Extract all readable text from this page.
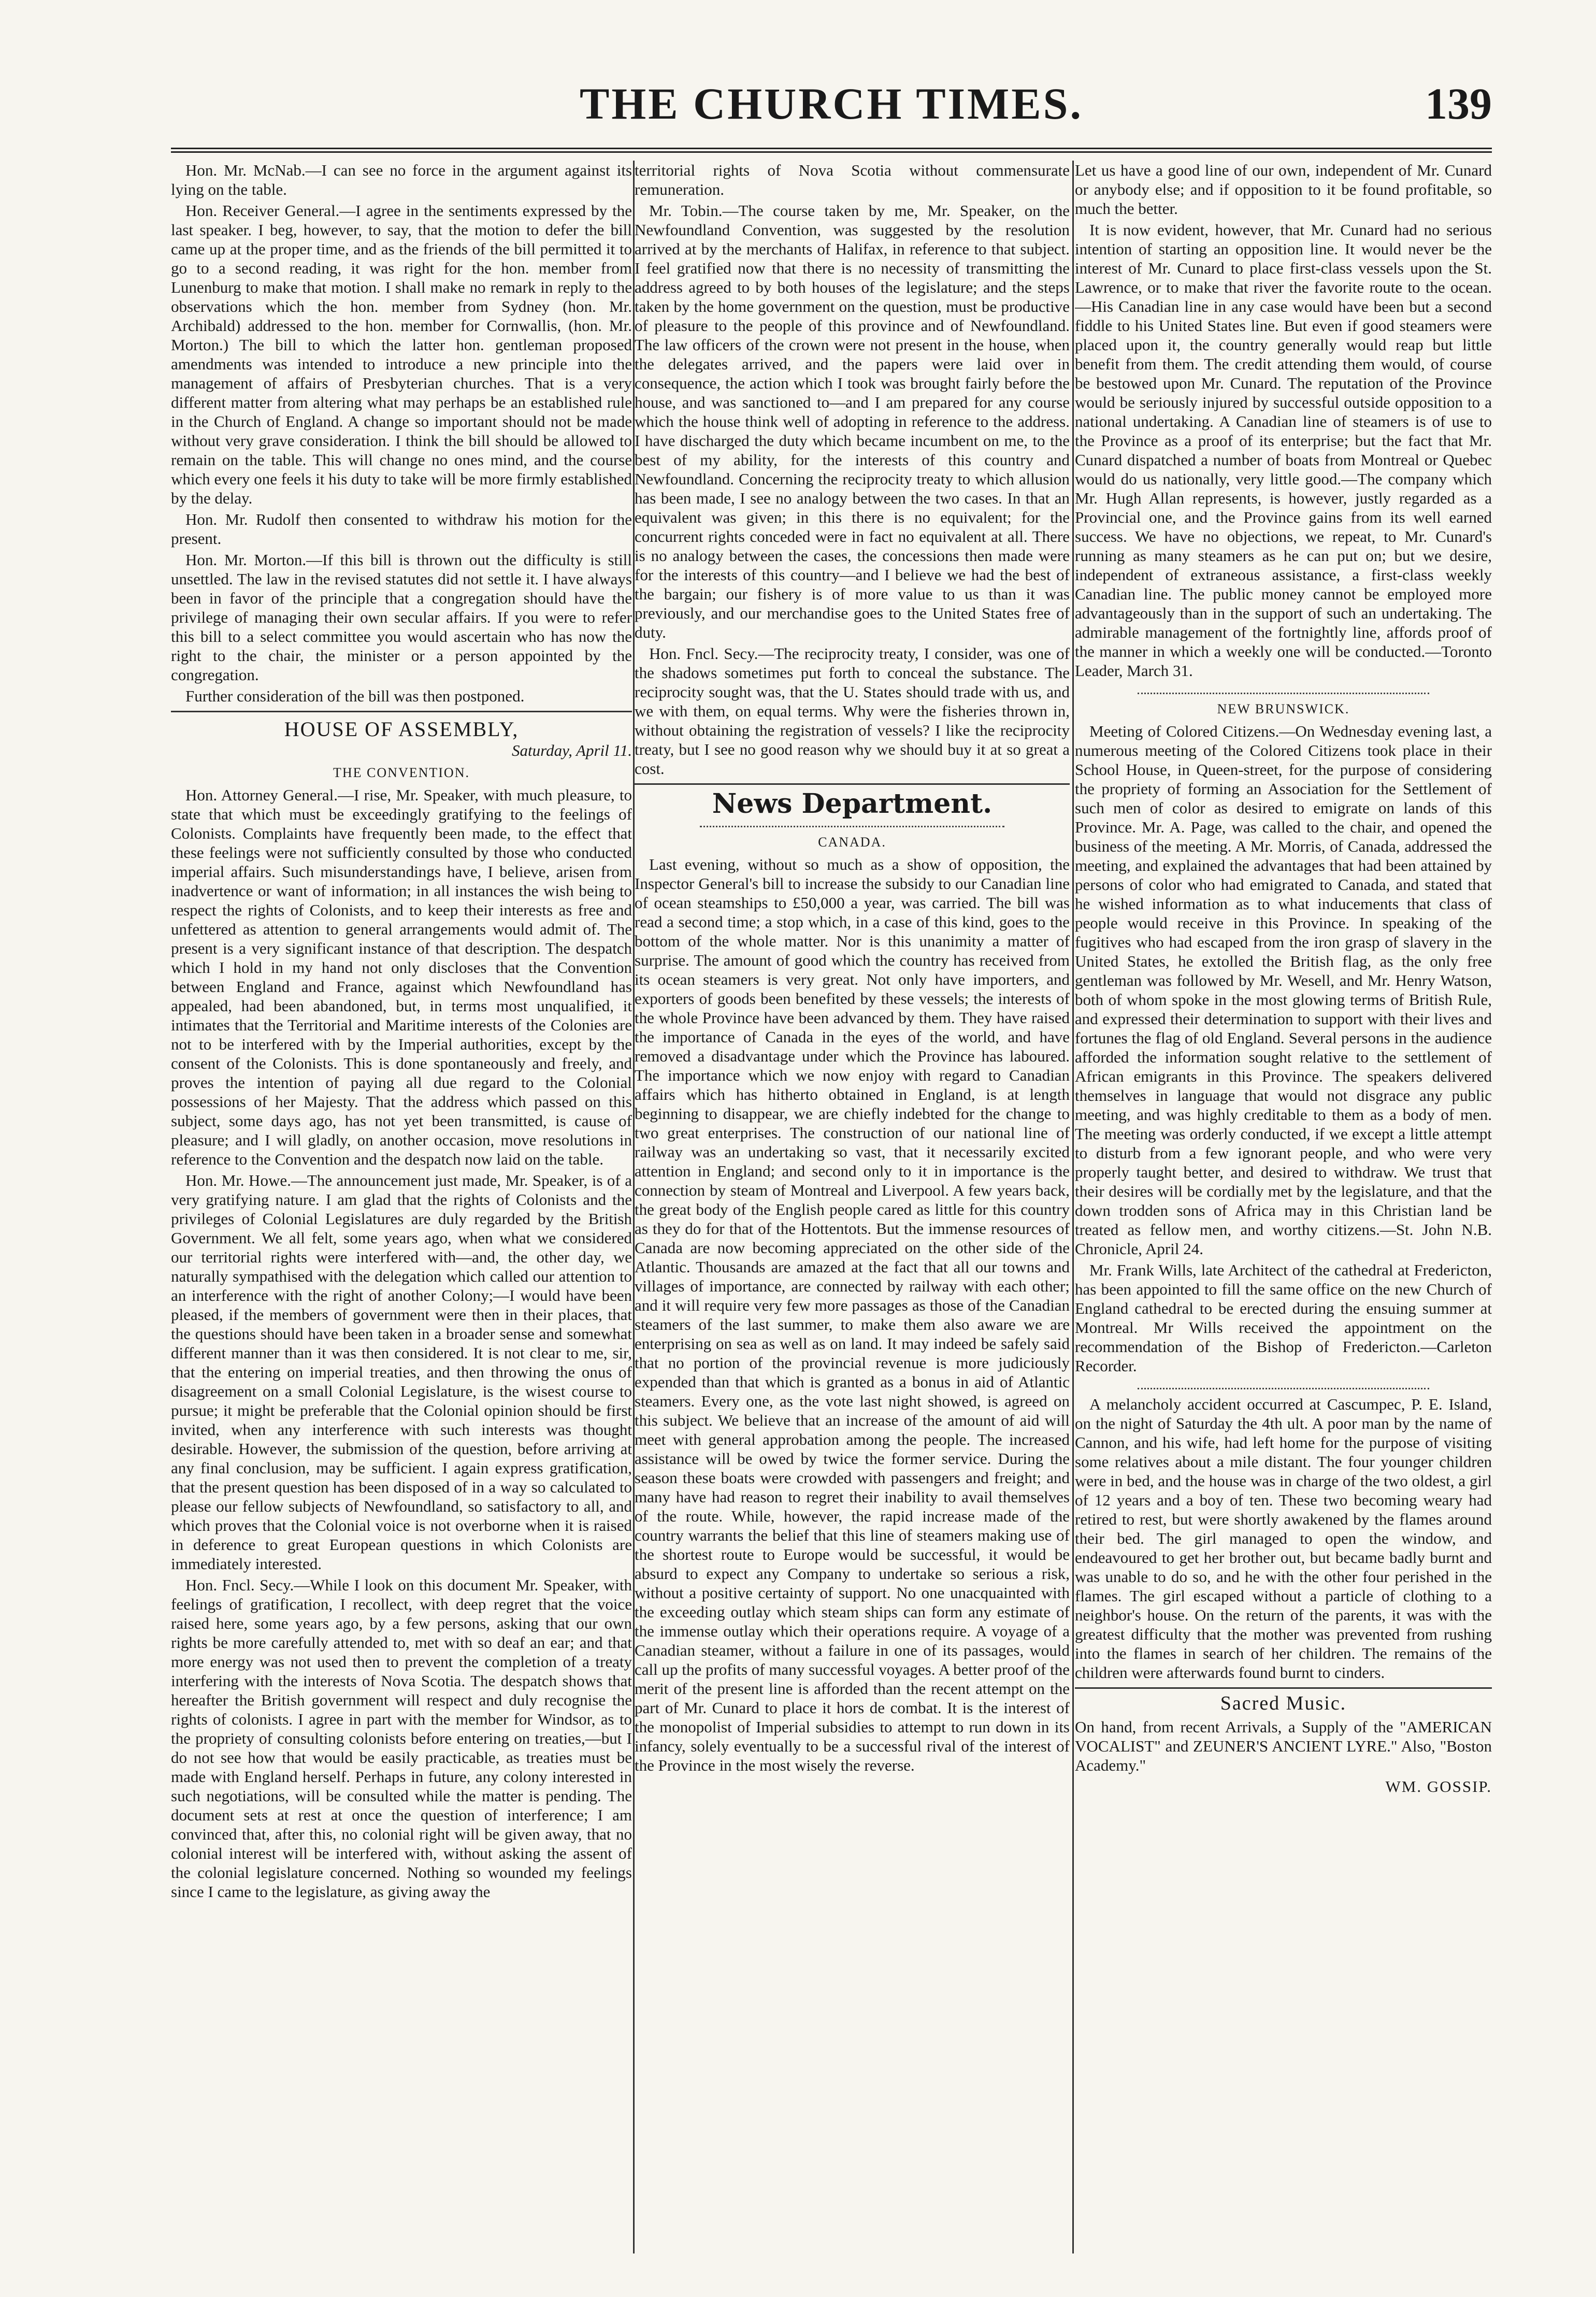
THE CHURCH TIMES.	139

Hon. Mr. McNab.—I can see no force in the argument against its lying on the table.

Hon. Receiver General.—I agree in the sentiments expressed by the last speaker. I beg, however, to say, that the motion to defer the bill came up at the proper time, and as the friends of the bill permitted it to go to a second reading, it was right for the hon. member from Lunenburg to make that motion. I shall make no remark in reply to the observations which the hon. member from Sydney (hon. Mr. Archibald) addressed to the hon. member for Cornwallis, (hon. Mr. Morton.) The bill to which the latter hon. gentleman proposed amendments was intended to introduce a new principle into the management of affairs of Presbyterian churches. That is a very different matter from altering what may perhaps be an established rule in the Church of England. A change so important should not be made without very grave consideration. I think the bill should be allowed to remain on the table. This will change no ones mind, and the course which every one feels it his duty to take will be more firmly established by the delay.

Hon. Mr. Rudolf then consented to withdraw his motion for the present.

Hon. Mr. Morton.—If this bill is thrown out the difficulty is still unsettled. The law in the revised statutes did not settle it. I have always been in favor of the principle that a congregation should have the privilege of managing their own secular affairs. If you were to refer this bill to a select committee you would ascertain who has now the right to the chair, the minister or a person appointed by the congregation.

Further consideration of the bill was then postponed.

HOUSE OF ASSEMBLY,
Saturday, April 11.
THE CONVENTION.

Hon. Attorney General.—I rise, Mr. Speaker, with much pleasure, to state that which must be exceedingly gratifying to the feelings of Colonists. Complaints have frequently been made, to the effect that these feelings were not sufficiently consulted by those who conducted imperial affairs. Such misunderstandings have, I believe, arisen from inadvertence or want of information; in all instances the wish being to respect the rights of Colonists, and to keep their interests as free and unfettered as attention to general arrangements would admit of. The present is a very significant instance of that description. The despatch which I hold in my hand not only discloses that the Convention between England and France, against which Newfoundland has appealed, had been abandoned, but, in terms most unqualified, it intimates that the Territorial and Maritime interests of the Colonies are not to be interfered with by the Imperial authorities, except by the consent of the Colonists. This is done spontaneously and freely, and proves the intention of paying all due regard to the Colonial possessions of her Majesty. That the address which passed on this subject, some days ago, has not yet been transmitted, is cause of pleasure; and I will gladly, on another occasion, move resolutions in reference to the Convention and the despatch now laid on the table.

Hon. Mr. Howe.—The announcement just made, Mr. Speaker, is of a very gratifying nature. I am glad that the rights of Colonists and the privileges of Colonial Legislatures are duly regarded by the British Government. We all felt, some years ago, when what we considered our territorial rights were interfered with—and, the other day, we naturally sympathised with the delegation which called our attention to an interference with the right of another Colony;—I would have been pleased, if the members of government were then in their places, that the questions should have been taken in a broader sense and somewhat different manner than it was then considered. It is not clear to me, sir, that the entering on imperial treaties, and then throwing the onus of disagreement on a small Colonial Legislature, is the wisest course to pursue; it might be preferable that the Colonial opinion should be first invited, when any interference with such interests was thought desirable. However, the submission of the question, before arriving at any final conclusion, may be sufficient. I again express gratification, that the present question has been disposed of in a way so calculated to please our fellow subjects of Newfoundland, so satisfactory to all, and which proves that the Colonial voice is not overborne when it is raised in deference to great European questions in which Colonists are immediately interested.

Hon. Fncl. Secy.—While I look on this document Mr. Speaker, with feelings of gratification, I recollect, with deep regret that the voice raised here, some years ago, by a few persons, asking that our own rights be more carefully attended to, met with so deaf an ear; and that more energy was not used then to prevent the completion of a treaty interfering with the interests of Nova Scotia. The despatch shows that hereafter the British government will respect and duly recognise the rights of colonists. I agree in part with the member for Windsor, as to the propriety of consulting colonists before entering on treaties,—but I do not see how that would be easily practicable, as treaties must be made with England herself. Perhaps in future, any colony interested in such negotiations, will be consulted while the matter is pending. The document sets at rest at once the question of interference; I am convinced that, after this, no colonial right will be given away, that no colonial interest will be interfered with, without asking the assent of the colonial legislature concerned. Nothing so wounded my feelings since I came to the legislature, as giving away the

territorial rights of Nova Scotia without commensurate remuneration.

Mr. Tobin.—The course taken by me, Mr. Speaker, on the Newfoundland Convention, was suggested by the resolution arrived at by the merchants of Halifax, in reference to that subject. I feel gratified now that there is no necessity of transmitting the address agreed to by both houses of the legislature; and the steps taken by the home government on the question, must be productive of pleasure to the people of this province and of Newfoundland. The law officers of the crown were not present in the house, when the delegates arrived, and the papers were laid over in consequence, the action which I took was brought fairly before the house, and was sanctioned to—and I am prepared for any course which the house think well of adopting in reference to the address. I have discharged the duty which became incumbent on me, to the best of my ability, for the interests of this country and Newfoundland. Concerning the reciprocity treaty to which allusion has been made, I see no analogy between the two cases. In that an equivalent was given; in this there is no equivalent; for the concurrent rights conceded were in fact no equivalent at all. There is no analogy between the cases, the concessions then made were for the interests of this country—and I believe we had the best of the bargain; our fishery is of more value to us than it was previously, and our merchandise goes to the United States free of duty.

Hon. Fncl. Secy.—The reciprocity treaty, I consider, was one of the shadows sometimes put forth to conceal the substance. The reciprocity sought was, that the U. States should trade with us, and we with them, on equal terms. Why were the fisheries thrown in, without obtaining the registration of vessels? I like the reciprocity treaty, but I see no good reason why we should buy it at so great a cost.

News Department.
CANADA.

Last evening, without so much as a show of opposition, the Inspector General's bill to increase the subsidy to our Canadian line of ocean steamships to £50,000 a year, was carried. The bill was read a second time; a stop which, in a case of this kind, goes to the bottom of the whole matter. Nor is this unanimity a matter of surprise. The amount of good which the country has received from its ocean steamers is very great. Not only have importers, and exporters of goods been benefited by these vessels; the interests of the whole Province have been advanced by them. They have raised the importance of Canada in the eyes of the world, and have removed a disadvantage under which the Province has laboured. The importance which we now enjoy with regard to Canadian affairs which has hitherto obtained in England, is at length beginning to disappear, we are chiefly indebted for the change to two great enterprises. The construction of our national line of railway was an undertaking so vast, that it necessarily excited attention in England; and second only to it in importance is the connection by steam of Montreal and Liverpool. A few years back, the great body of the English people cared as little for this country as they do for that of the Hottentots. But the immense resources of Canada are now becoming appreciated on the other side of the Atlantic. Thousands are amazed at the fact that all our towns and villages of importance, are connected by railway with each other; and it will require very few more passages as those of the Canadian steamers of the last summer, to make them also aware we are enterprising on sea as well as on land. It may indeed be safely said that no portion of the provincial revenue is more judiciously expended than that which is granted as a bonus in aid of Atlantic steamers. Every one, as the vote last night showed, is agreed on this subject. We believe that an increase of the amount of aid will meet with general approbation among the people. The increased assistance will be owed by twice the former service. During the season these boats were crowded with passengers and freight; and many have had reason to regret their inability to avail themselves of the route. While, however, the rapid increase made of the country warrants the belief that this line of steamers making use of the shortest route to Europe would be successful, it would be absurd to expect any Company to undertake so serious a risk, without a positive certainty of support. No one unacquainted with the exceeding outlay which steam ships can form any estimate of the immense outlay which their operations require. A voyage of a Canadian steamer, without a failure in one of its passages, would call up the profits of many successful voyages. A better proof of the merit of the present line is afforded than the recent attempt on the part of Mr. Cunard to place it hors de combat. It is the interest of the monopolist of Imperial subsidies to attempt to run down in its infancy, solely eventually to be a successful rival of the interest of the Province in the most wisely the reverse.

Let us have a good line of our own, independent of Mr. Cunard or anybody else; and if opposition to it be found profitable, so much the better.

It is now evident, however, that Mr. Cunard had no serious intention of starting an opposition line. It would never be the interest of Mr. Cunard to place first-class vessels upon the St. Lawrence, or to make that river the favorite route to the ocean.—His Canadian line in any case would have been but a second fiddle to his United States line. But even if good steamers were placed upon it, the country generally would reap but little benefit from them. The credit attending them would, of course be bestowed upon Mr. Cunard. The reputation of the Province would be seriously injured by successful outside opposition to a national undertaking. A Canadian line of steamers is of use to the Province as a proof of its enterprise; but the fact that Mr. Cunard dispatched a number of boats from Montreal or Quebec would do us nationally, very little good.—The company which Mr. Hugh Allan represents, is however, justly regarded as a Provincial one, and the Province gains from its well earned success. We have no objections, we repeat, to Mr. Cunard's running as many steamers as he can put on; but we desire, independent of extraneous assistance, a first-class weekly Canadian line. The public money cannot be employed more advantageously than in the support of such an undertaking. The admirable management of the fortnightly line, affords proof of the manner in which a weekly one will be conducted.—Toronto Leader, March 31.

NEW BRUNSWICK.

Meeting of Colored Citizens.—On Wednesday evening last, a numerous meeting of the Colored Citizens took place in their School House, in Queen-street, for the purpose of considering the propriety of forming an Association for the Settlement of such men of color as desired to emigrate on lands of this Province. Mr. A. Page, was called to the chair, and opened the business of the meeting. A Mr. Morris, of Canada, addressed the meeting, and explained the advantages that had been attained by persons of color who had emigrated to Canada, and stated that he wished information as to what inducements that class of people would receive in this Province. In speaking of the fugitives who had escaped from the iron grasp of slavery in the United States, he extolled the British flag, as the only free gentleman was followed by Mr. Wesell, and Mr. Henry Watson, both of whom spoke in the most glowing terms of British Rule, and expressed their determination to support with their lives and fortunes the flag of old England. Several persons in the audience afforded the information sought relative to the settlement of African emigrants in this Province. The speakers delivered themselves in language that would not disgrace any public meeting, and was highly creditable to them as a body of men. The meeting was orderly conducted, if we except a little attempt to disturb from a few ignorant people, and who were very properly taught better, and desired to withdraw. We trust that their desires will be cordially met by the legislature, and that the down trodden sons of Africa may in this Christian land be treated as fellow men, and worthy citizens.—St. John N.B. Chronicle, April 24.

Mr. Frank Wills, late Architect of the cathedral at Fredericton, has been appointed to fill the same office on the new Church of England cathedral to be erected during the ensuing summer at Montreal. Mr Wills received the appointment on the recommendation of the Bishop of Fredericton.—Carleton Recorder.

A melancholy accident occurred at Cascumpec, P. E. Island, on the night of Saturday the 4th ult. A poor man by the name of Cannon, and his wife, had left home for the purpose of visiting some relatives about a mile distant. The four younger children were in bed, and the house was in charge of the two oldest, a girl of 12 years and a boy of ten. These two becoming weary had retired to rest, but were shortly awakened by the flames around their bed. The girl managed to open the window, and endeavoured to get her brother out, but became badly burnt and was unable to do so, and he with the other four perished in the flames. The girl escaped without a particle of clothing to a neighbor's house. On the return of the parents, it was with the greatest difficulty that the mother was prevented from rushing into the flames in search of her children. The remains of the children were afterwards found burnt to cinders.

Sacred Music.

On hand, from recent Arrivals, a Supply of the "AMERICAN VOCALIST" and ZEUNER'S ANCIENT LYRE." Also, "Boston Academy."

WM. GOSSIP.
